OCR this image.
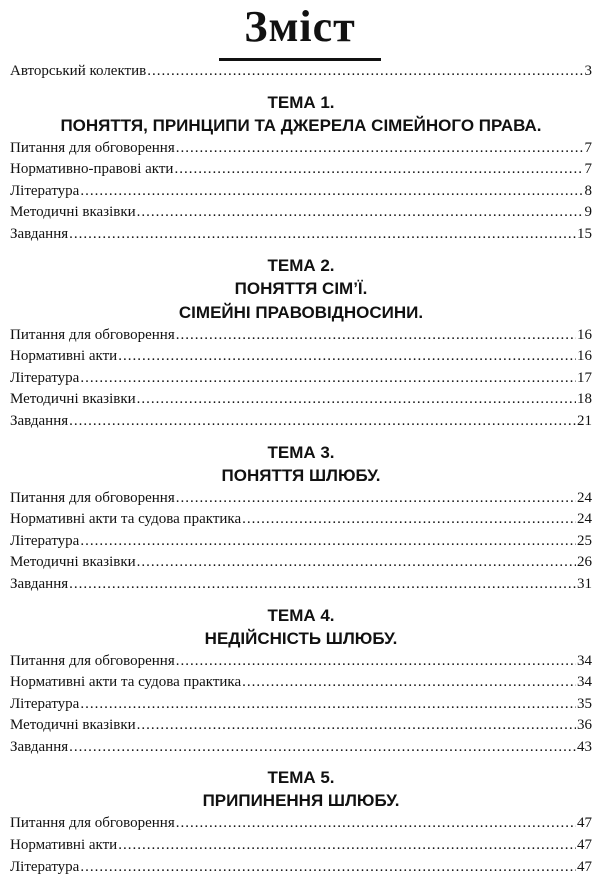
Зміст
Авторський колектив .....	3
ТЕМА 1.
ПОНЯТТЯ, ПРИНЦИПИ ТА ДЖЕРЕЛА СІМЕЙНОГО ПРАВА.
Питання для обговорення .....	7
Нормативно-правові акти .....	7
Література .....	8
Методичні вказівки .....	9
Завдання .....	15
ТЕМА 2.
ПОНЯТТЯ СІМ’Ї.
СІМЕЙНІ ПРАВОВІДНОСИНИ.
Питання для обговорення .....	16
Нормативні акти .....	16
Література .....	17
Методичні вказівки .....	18
Завдання .....	21
ТЕМА 3.
ПОНЯТТЯ ШЛЮБУ.
Питання для обговорення .....	24
Нормативні акти та судова практика .....	24
Література .....	25
Методичні вказівки .....	26
Завдання .....	31
ТЕМА 4.
НЕДІЙСНІСТЬ ШЛЮБУ.
Питання для обговорення .....	34
Нормативні акти та судова практика .....	34
Література .....	35
Методичні вказівки .....	36
Завдання .....	43
ТЕМА 5.
ПРИПИНЕННЯ ШЛЮБУ.
Питання для обговорення .....	47
Нормативні акти .....	47
Література .....	47
